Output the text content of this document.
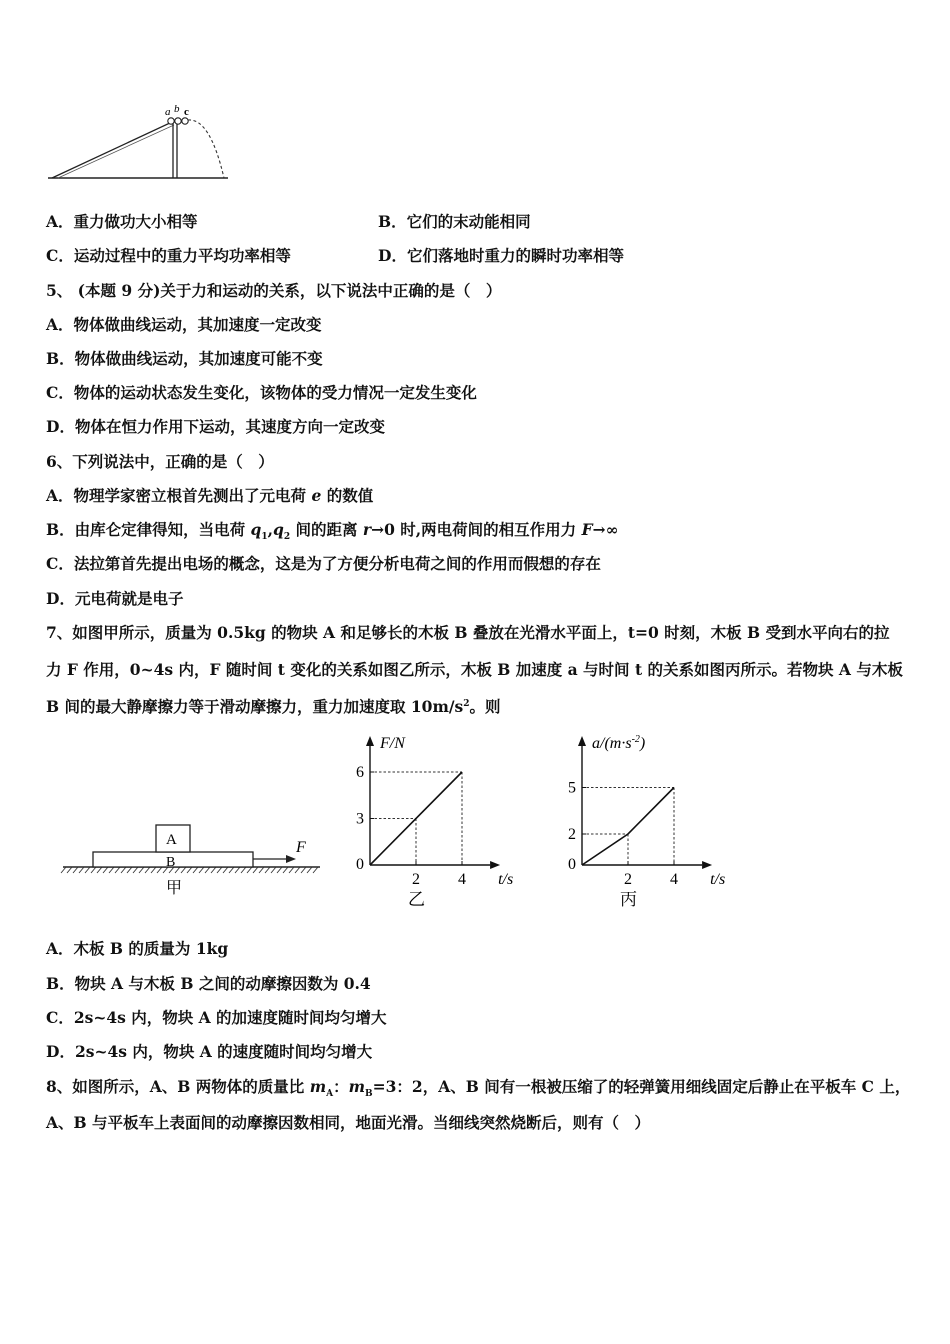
a b c
A．重力做功大小相等	B．它们的末动能相同
C．运动过程中的重力平均功率相等	D．它们落地时重力的瞬时功率相等
5、 (本题 9 分)关于力和运动的关系，以下说法中正确的是（　）
A．物体做曲线运动，其加速度一定改变
B．物体做曲线运动，其加速度可能不变
C．物体的运动状态发生变化，该物体的受力情况一定发生变化
D．物体在恒力作用下运动，其速度方向一定改变
6、下列说法中，正确的是（　）
A．物理学家密立根首先测出了元电荷 e 的数值
B．由库仑定律得知，当电荷 $q_1,q_2$ 间的距离 r→0 时,两电荷间的相互作用力 F→∞
C．法拉第首先提出电场的概念，这是为了方便分析电荷之间的作用而假想的存在
D．元电荷就是电子
7、如图甲所示，质量为 0.5kg 的物块 A 和足够长的木板 B 叠放在光滑水平面上，t=0 时刻，木板 B 受到水平向右的拉
力 F 作用，0~4s 内，F 随时间 t 变化的关系如图乙所示，木板 B 加速度 a 与时间 t 的关系如图丙所示。若物块 A 与木板
B 间的最大静摩擦力等于滑动摩擦力，重力加速度取 $10m/s^2$。则
A
B
F
甲
0
2 4
3
6
t/s
F/N
乙
0
2 4
2
5
t/s
$a/(m\cdot s^{-2})$
丙
A．木板 B 的质量为 1kg
B．物块 A 与木板 B 之间的动摩擦因数为 0.4
C．2s~4s 内，物块 A 的加速度随时间均匀增大
D．2s~4s 内，物块 A 的速度随时间均匀增大
8、如图所示，A、B 两物体的质量比 $m_A$：$m_B=3$：2，A、B 间有一根被压缩了的轻弹簧用细线固定后静止在平板车 C 上，
A、B 与平板车上表面间的动摩擦因数相同，地面光滑。当细线突然烧断后，则有（　）
